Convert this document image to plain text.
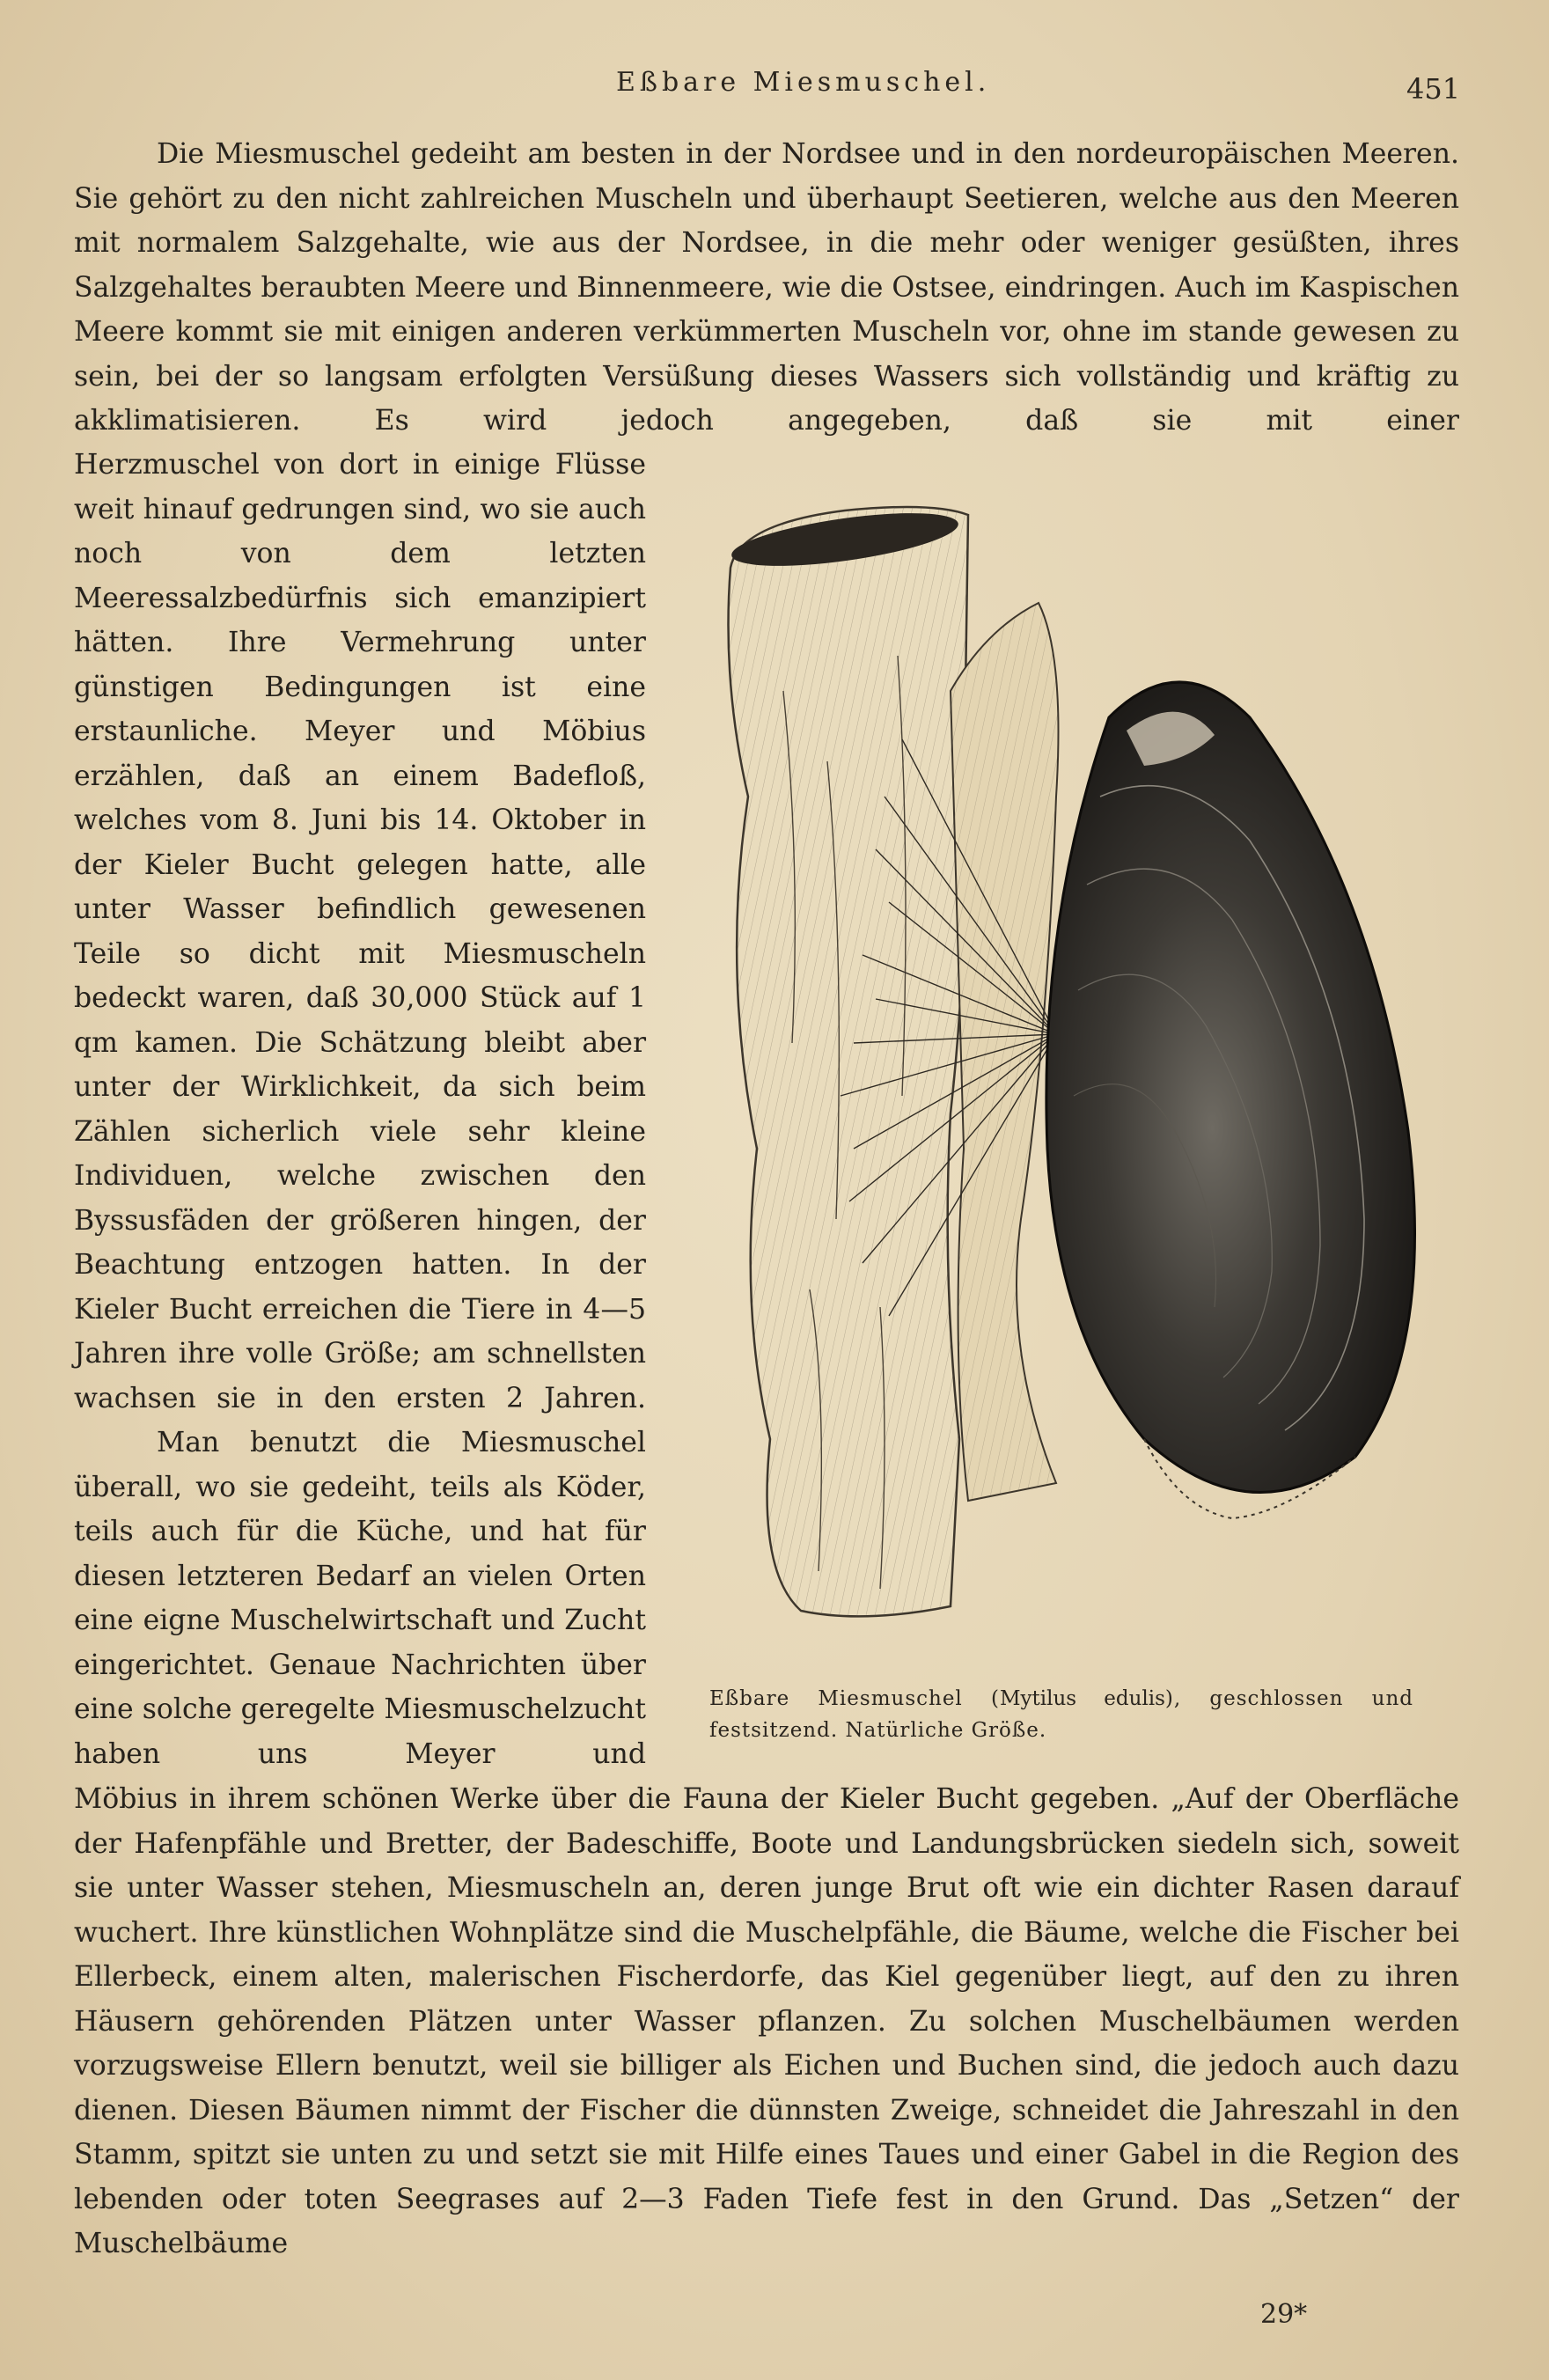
Eßbare Miesmuschel.	451

Die Miesmuschel gedeiht am besten in der Nordsee und in den nordeuropäischen Meeren. Sie gehört zu den nicht zahlreichen Muscheln und überhaupt Seetieren, welche aus den Meeren mit normalem Salzgehalte, wie aus der Nordsee, in die mehr oder weniger gesüßten, ihres Salzgehaltes beraubten Meere und Binnenmeere, wie die Ostsee, eindringen. Auch im Kaspischen Meere kommt sie mit einigen anderen verkümmerten Muscheln vor, ohne im stande gewesen zu sein, bei der so langsam erfolgten Versüßung dieses Wassers sich vollständig und kräftig zu akklimatisieren. Es wird jedoch angegeben, daß sie mit einer

Herzmuschel von dort in einige Flüsse weit hinauf gedrungen sind, wo sie auch noch von dem letzten Meeressalzbedürfnis sich emanzipiert hätten. Ihre Vermehrung unter günstigen Bedingungen ist eine erstaunliche. Meyer und Möbius erzählen, daß an einem Badefloß, welches vom 8. Juni bis 14. Oktober in der Kieler Bucht gelegen hatte, alle unter Wasser befindlich gewesenen Teile so dicht mit Miesmuscheln bedeckt waren, daß 30,000 Stück auf 1 qm kamen. Die Schätzung bleibt aber unter der Wirklichkeit, da sich beim Zählen sicherlich viele sehr kleine Individuen, welche zwischen den Byssusfäden der größeren hingen, der Beachtung entzogen hatten. In der Kieler Bucht erreichen die Tiere in 4—5 Jahren ihre volle Größe; am schnellsten wachsen sie in den ersten 2 Jahren.

Man benutzt die Miesmuschel überall, wo sie gedeiht, teils als Köder, teils auch für die Küche, und hat für diesen letzteren Bedarf an vielen Orten eine eigne Muschelwirtschaft und Zucht eingerichtet. Genaue Nachrichten über eine solche geregelte Miesmuschelzucht haben uns Meyer und

Möbius in ihrem schönen Werke über die Fauna der Kieler Bucht gegeben. „Auf der Oberfläche der Hafenpfähle und Bretter, der Badeschiffe, Boote und Landungsbrücken siedeln sich, soweit sie unter Wasser stehen, Miesmuscheln an, deren junge Brut oft wie ein dichter Rasen darauf wuchert. Ihre künstlichen Wohnplätze sind die Muschelpfähle, die Bäume, welche die Fischer bei Ellerbeck, einem alten, malerischen Fischerdorfe, das Kiel gegenüber liegt, auf den zu ihren Häusern gehörenden Plätzen unter Wasser pflanzen. Zu solchen Muschelbäumen werden vorzugsweise Ellern benutzt, weil sie billiger als Eichen und Buchen sind, die jedoch auch dazu dienen. Diesen Bäumen nimmt der Fischer die dünnsten Zweige, schneidet die Jahreszahl in den Stamm, spitzt sie unten zu und setzt sie mit Hilfe eines Taues und einer Gabel in die Region des lebenden oder toten Seegrases auf 2—3 Faden Tiefe fest in den Grund. Das „Setzen“ der Muschelbäume

Eßbare Miesmuschel (Mytilus edulis), geschlossen und festsitzend. Natürliche Größe.

29*
